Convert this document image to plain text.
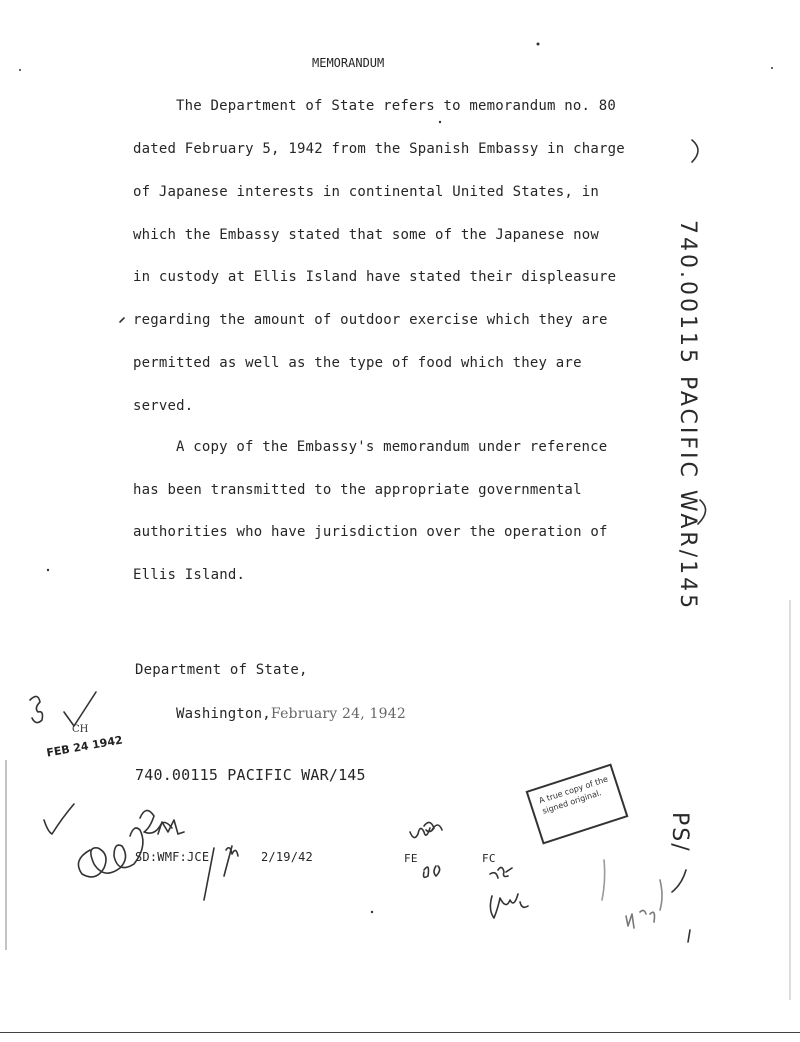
MEMORANDUM
The Department of State refers to memorandum no. 80
dated February 5, 1942 from the Spanish Embassy in charge
of Japanese interests in continental United States, in
which the Embassy stated that some of the Japanese now
in custody at Ellis Island have stated their displeasure
regarding the amount of outdoor exercise which they are
permitted as well as the type of food which they are
served.
A copy of the Embassy's memorandum under reference
has been transmitted to the appropriate governmental
authorities who have jurisdiction over the operation of
Ellis Island.
Department of State,
Washington,February 24, 1942
740.00115 PACIFIC WAR/145
SD:WMF:JCE	2/19/42	FE	FC
740.00115 PACIFIC WAR/145
PS/
FEB 24 1942
CH
A true copy of the signed original.
